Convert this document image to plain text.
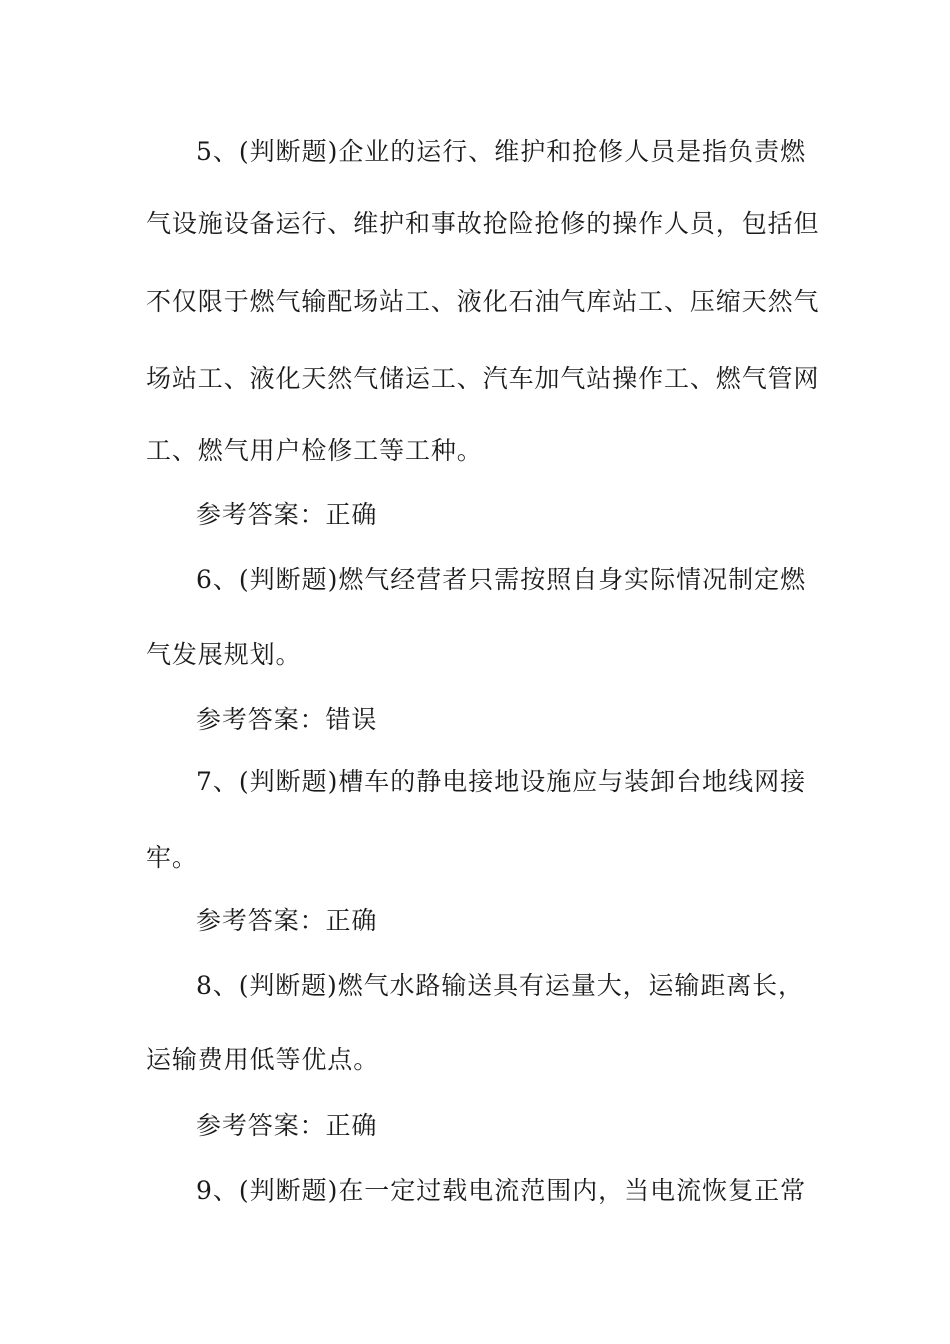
5、(判断题)企业的运行、维护和抢修人员是指负责燃
气设施设备运行、维护和事故抢险抢修的操作人员，包括但
不仅限于燃气输配场站工、液化石油气库站工、压缩天然气
场站工、液化天然气储运工、汽车加气站操作工、燃气管网
工、燃气用户检修工等工种。
参考答案：正确
6、(判断题)燃气经营者只需按照自身实际情况制定燃
气发展规划。
参考答案：错误
7、(判断题)槽车的静电接地设施应与装卸台地线网接
牢。
参考答案：正确
8、(判断题)燃气水路输送具有运量大，运输距离长，
运输费用低等优点。
参考答案：正确
9、(判断题)在一定过载电流范围内，当电流恢复正常
